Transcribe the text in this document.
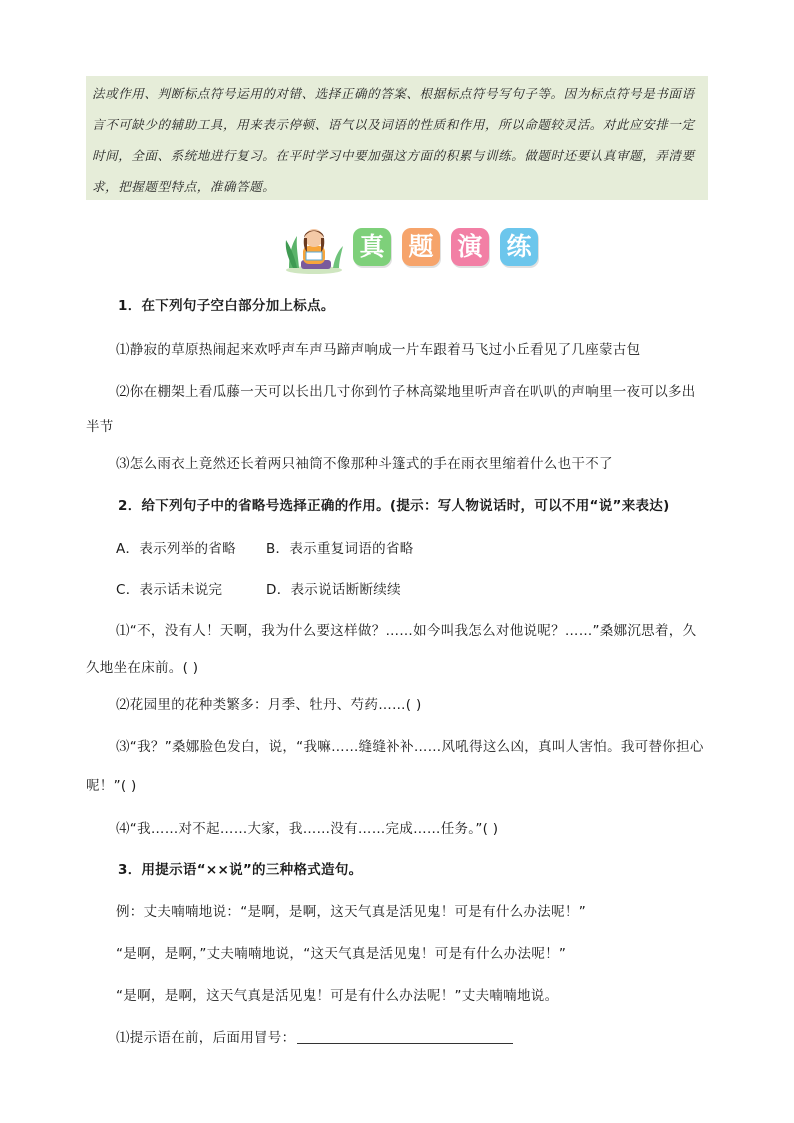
法或作用、判断标点符号运用的对错、选择正确的答案、根据标点符号写句子等。因为标点符号是书面语言不可缺少的辅助工具，用来表示停顿、语气以及词语的性质和作用，所以命题较灵活。对此应安排一定时间，全面、系统地进行复习。在平时学习中要加强这方面的积累与训练。做题时还要认真审题，弄清要求，把握题型特点，准确答题。

真 题 演 练
1．在下列句子空白部分加上标点。
⑴静寂的草原热闹起来欢呼声车声马蹄声响成一片车跟着马飞过小丘看见了几座蒙古包
⑵你在棚架上看瓜藤一天可以长出几寸你到竹子林高粱地里听声音在叭叭的声响里一夜可以多出
半节
⑶怎么雨衣上竟然还长着两只袖筒不像那种斗篷式的手在雨衣里缩着什么也干不了
2．给下列句子中的省略号选择正确的作用。(提示：写人物说话时，可以不用“说”来表达)
A．表示列举的省略 B．表示重复词语的省略
C．表示话未说完	D．表示说话断断续续
⑴“不，没有人！天啊，我为什么要这样做？……如今叫我怎么对他说呢？……”桑娜沉思着，久
久地坐在床前。( )
⑵花园里的花种类繁多：月季、牡丹、芍药……( )
⑶“我？”桑娜脸色发白，说，“我嘛……缝缝补补……风吼得这么凶，真叫人害怕。我可替你担心
呢！”( )
⑷“我……对不起……大家，我……没有……完成……任务。”( )
3．用提示语“××说”的三种格式造句。
例：丈夫喃喃地说：“是啊，是啊，这天气真是活见鬼！可是有什么办法呢！”
“是啊，是啊，”丈夫喃喃地说，“这天气真是活见鬼！可是有什么办法呢！”
“是啊，是啊，这天气真是活见鬼！可是有什么办法呢！”丈夫喃喃地说。
⑴提示语在前，后面用冒号：
